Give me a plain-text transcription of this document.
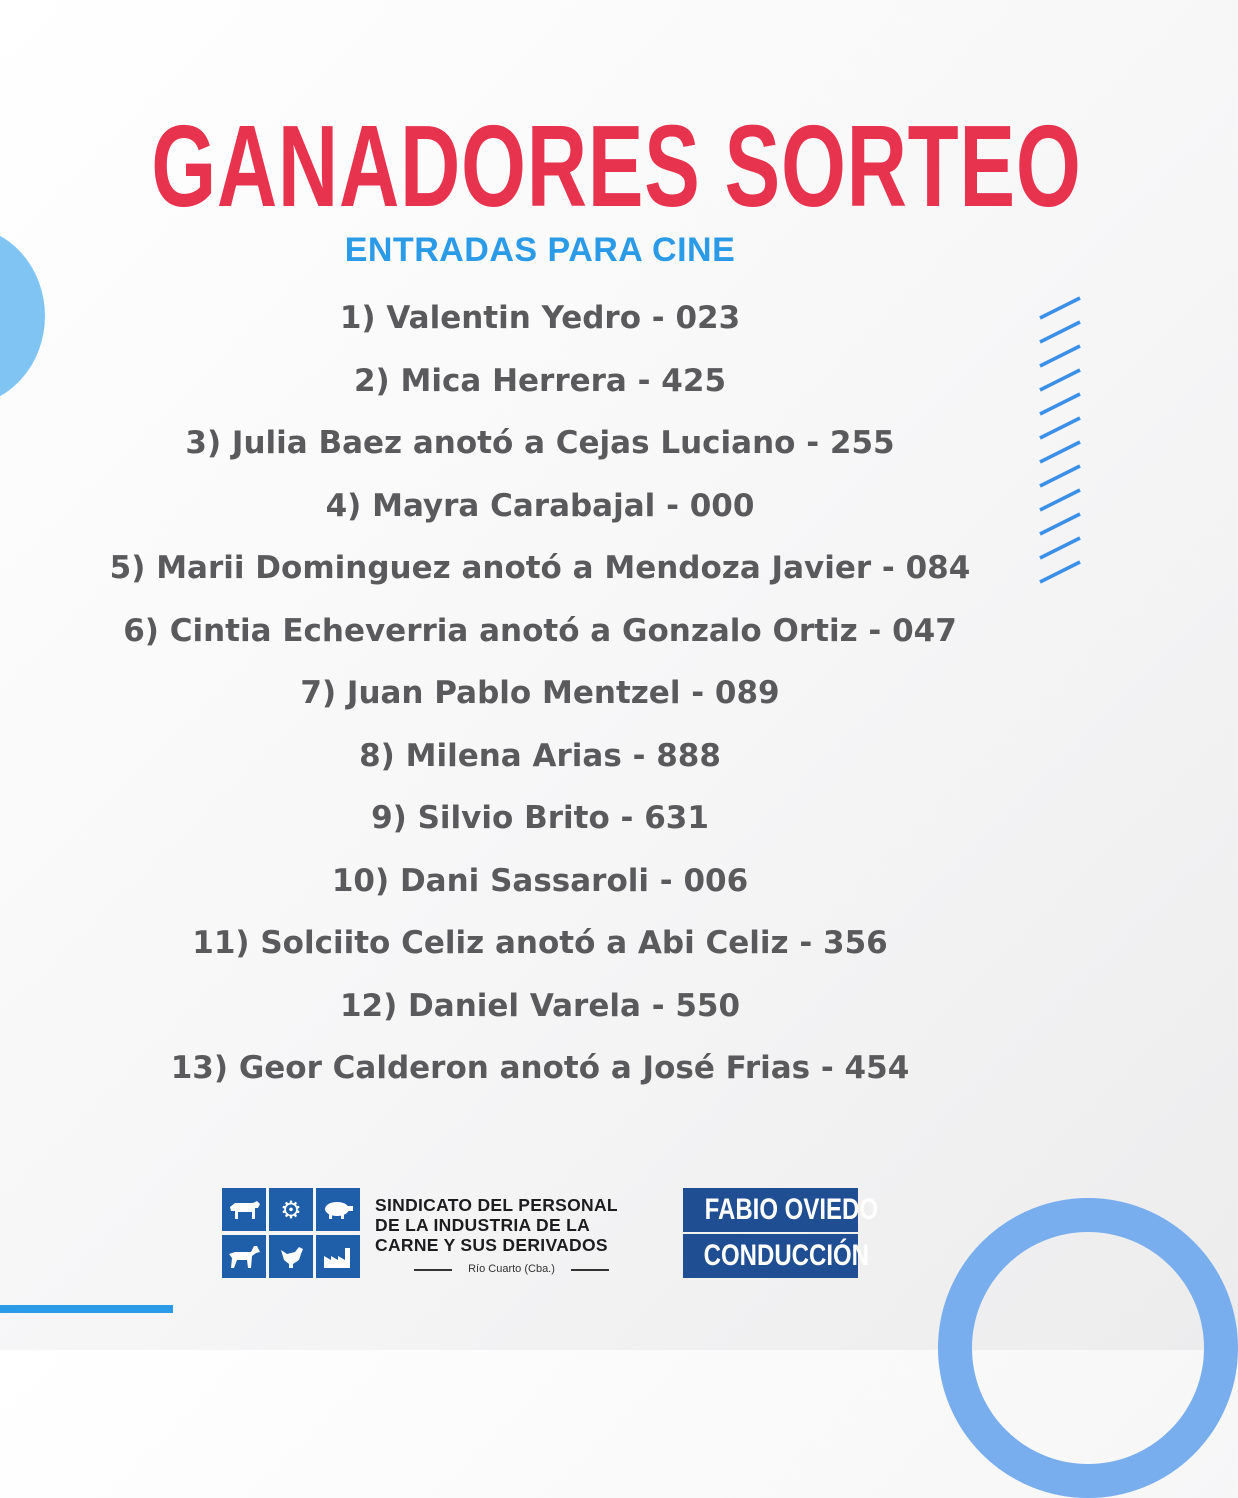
GANADORES SORTEO
ENTRADAS PARA CINE
1) Valentin Yedro - 023
2) Mica Herrera - 425
3) Julia Baez anotó a Cejas Luciano - 255
4) Mayra Carabajal - 000
5) Marii Dominguez anotó a Mendoza Javier - 084
6) Cintia Echeverria anotó a Gonzalo Ortiz - 047
7) Juan Pablo Mentzel - 089
8) Milena Arias - 888
9) Silvio Brito - 631
10) Dani Sassaroli - 006
11) Solciito Celiz anotó a Abi Celiz - 356
12) Daniel Varela - 550
13) Geor Calderon anotó a José Frias - 454
⚙	SINDICATO DEL PERSONAL
DE LA INDUSTRIA DE LA
CARNE Y SUS DERIVADOS
Río Cuarto (Cba.)
FABIO OVIEDO
CONDUCCIÓN
